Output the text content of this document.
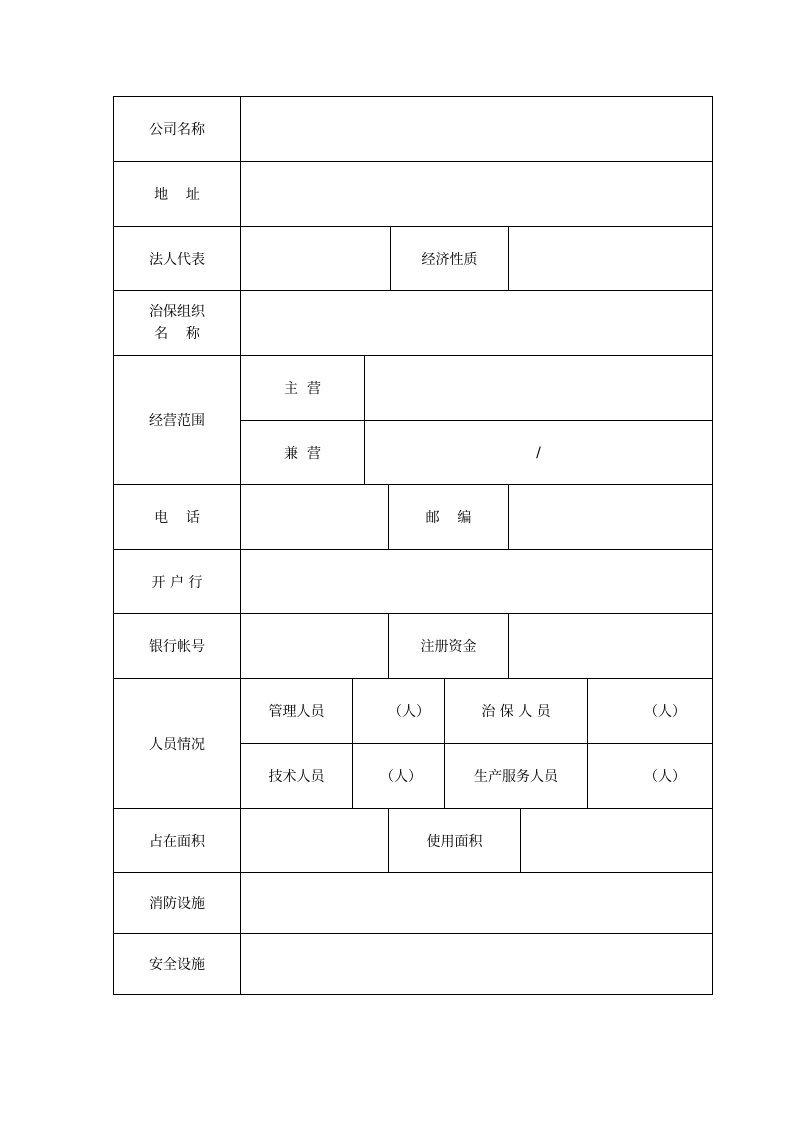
公司名称
地    址
法人代表	经济性质
治保组织
名    称
经营范围
主  营
兼  营	/
电    话	邮    编
开 户 行
银行帐号	注册资金
人员情况
管理人员	（人）	治 保 人 员	（人）
技术人员	（人）	生产服务人员	（人）
占在面积	使用面积
消防设施
安全设施
